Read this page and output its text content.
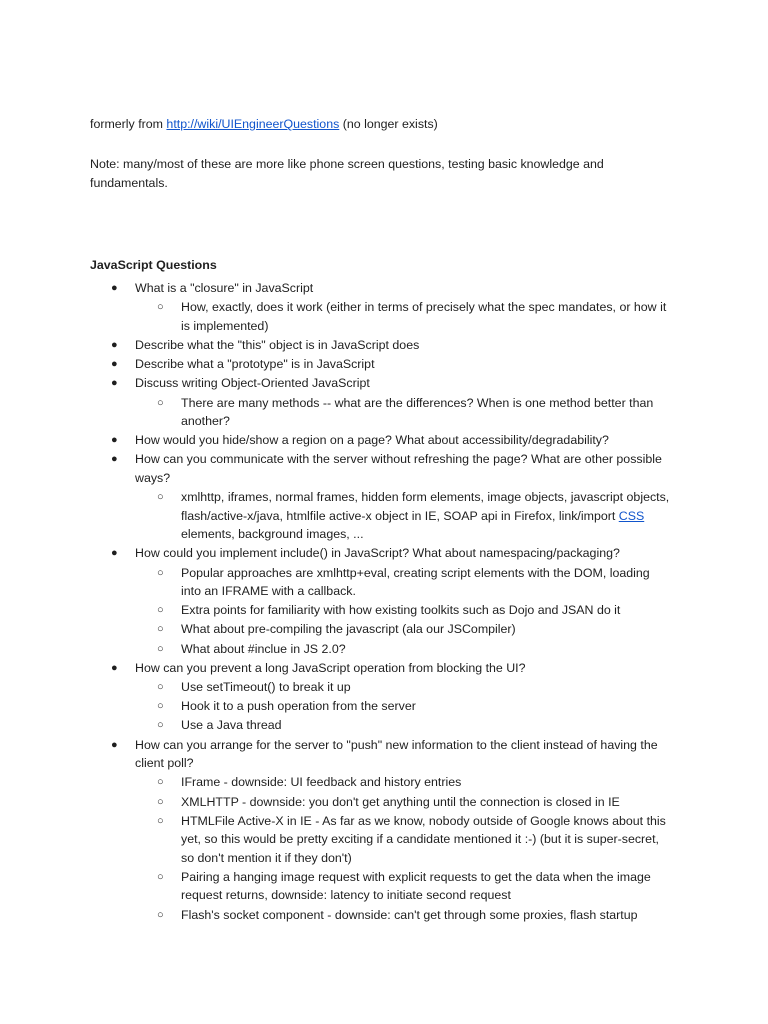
formerly from http://wiki/UIEngineerQuestions (no longer exists)
Note: many/most of these are more like phone screen questions, testing basic knowledge and fundamentals.
JavaScript Questions
● What is a "closure" in JavaScript
○ How, exactly, does it work (either in terms of precisely what the spec mandates, or how it
is implemented)
● Describe what the "this" object is in JavaScript does
● Describe what a "prototype" is in JavaScript
● Discuss writing Object-Oriented JavaScript
○ There are many methods -- what are the differences? When is one method better than
another?
● How would you hide/show a region on a page? What about accessibility/degradability?
● How can you communicate with the server without refreshing the page? What are other possible
ways?
○ xmlhttp, iframes, normal frames, hidden form elements, image objects, javascript objects,
flash/active-x/java, htmlfile active-x object in IE, SOAP api in Firefox, link/import CSS
elements, background images, ...
● How could you implement include() in JavaScript? What about namespacing/packaging?
○ Popular approaches are xmlhttp+eval, creating script elements with the DOM, loading
into an IFRAME with a callback.
○ Extra points for familiarity with how existing toolkits such as Dojo and JSAN do it
○ What about pre-compiling the javascript (ala our JSCompiler)
○ What about #inclue in JS 2.0?
● How can you prevent a long JavaScript operation from blocking the UI?
○ Use setTimeout() to break it up
○ Hook it to a push operation from the server
○ Use a Java thread
● How can you arrange for the server to "push" new information to the client instead of having the
client poll?
○ IFrame - downside: UI feedback and history entries
○ XMLHTTP - downside: you don't get anything until the connection is closed in IE
○ HTMLFile Active-X in IE - As far as we know, nobody outside of Google knows about this
yet, so this would be pretty exciting if a candidate mentioned it :-) (but it is super-secret,
so don't mention it if they don't)
○ Pairing a hanging image request with explicit requests to get the data when the image
request returns, downside: latency to initiate second request
○ Flash's socket component - downside: can't get through some proxies, flash startup
